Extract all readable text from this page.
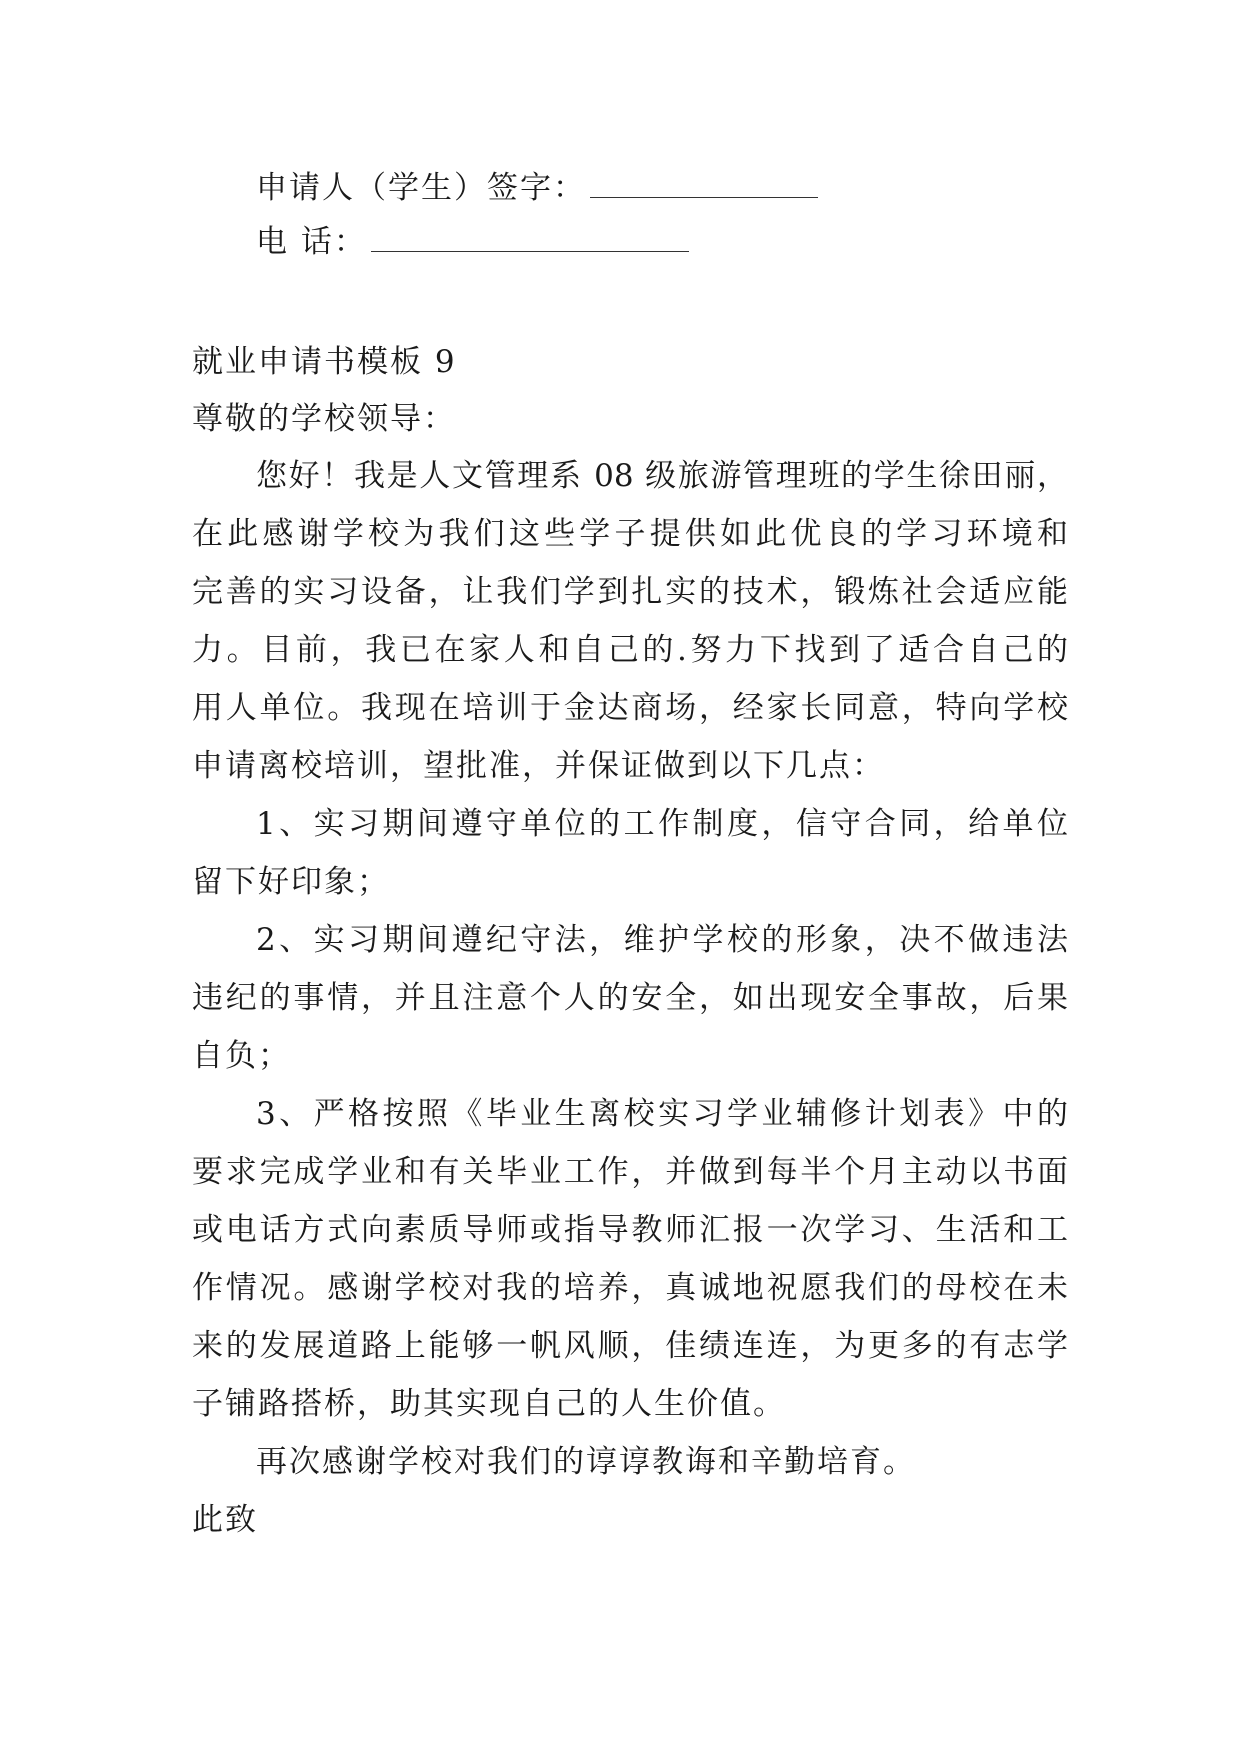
申请人（学生）签字：
电 话：
就业申请书模板 9
尊敬的学校领导：
您好！我是人文管理系 08 级旅游管理班的学生徐田丽，
在此感谢学校为我们这些学子提供如此优良的学习环境和
完善的实习设备，让我们学到扎实的技术，锻炼社会适应能
力。目前，我已在家人和自己的.努力下找到了适合自己的
用人单位。我现在培训于金达商场，经家长同意，特向学校
申请离校培训，望批准，并保证做到以下几点：
1、实习期间遵守单位的工作制度，信守合同，给单位
留下好印象；
2、实习期间遵纪守法，维护学校的形象，决不做违法
违纪的事情，并且注意个人的安全，如出现安全事故，后果
自负；
3、严格按照《毕业生离校实习学业辅修计划表》中的
要求完成学业和有关毕业工作，并做到每半个月主动以书面
或电话方式向素质导师或指导教师汇报一次学习、生活和工
作情况。感谢学校对我的培养，真诚地祝愿我们的母校在未
来的发展道路上能够一帆风顺，佳绩连连，为更多的有志学
子铺路搭桥，助其实现自己的人生价值。
再次感谢学校对我们的谆谆教诲和辛勤培育。
此致
